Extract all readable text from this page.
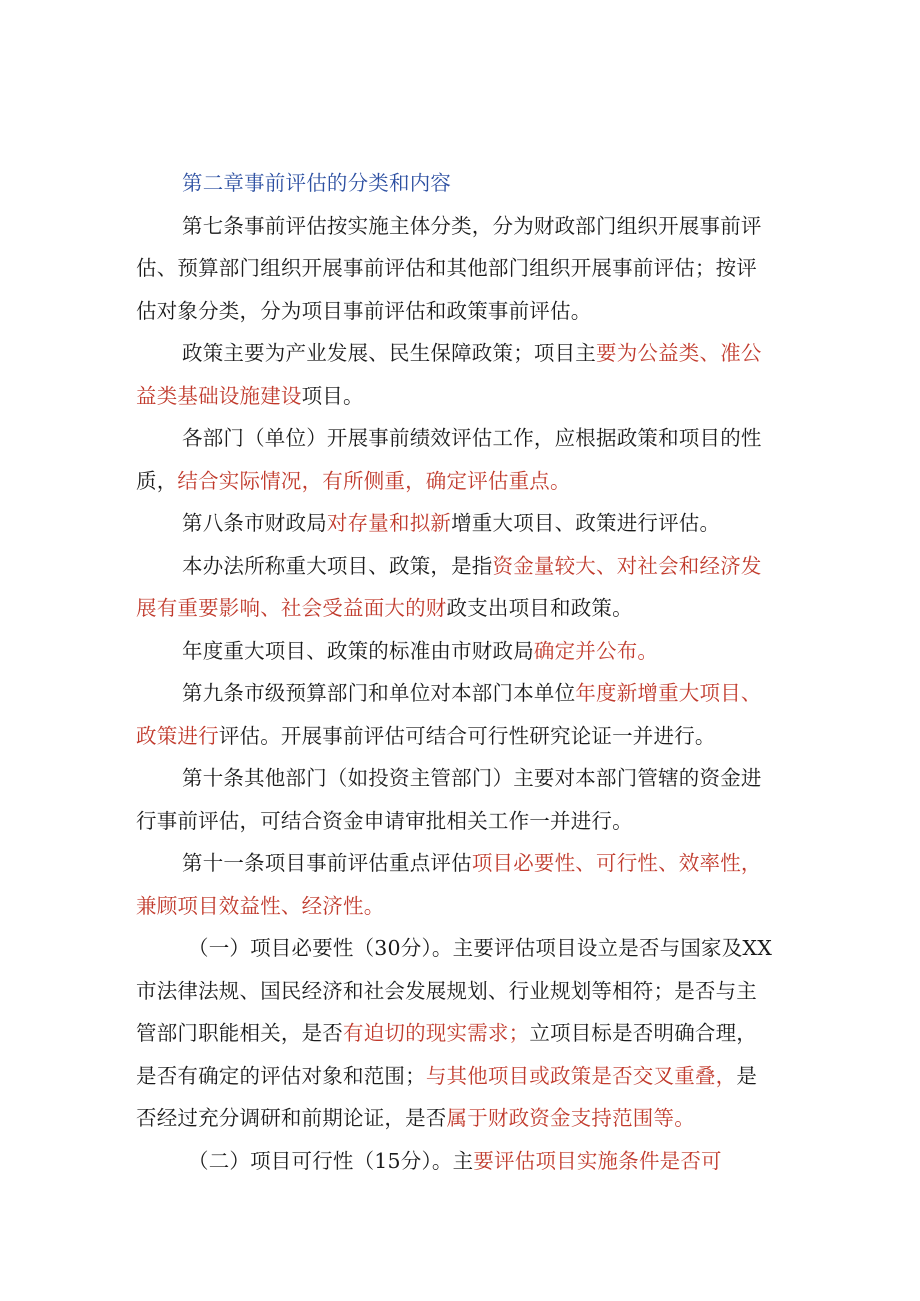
第二章事前评估的分类和内容
第七条事前评估按实施主体分类，分为财政部门组织开展事前评
估、预算部门组织开展事前评估和其他部门组织开展事前评估；按评
估对象分类，分为项目事前评估和政策事前评估。
政策主要为产业发展、民生保障政策；项目主要为公益类、准公
益类基础设施建设项目。
各部门（单位）开展事前绩效评估工作，应根据政策和项目的性
质，结合实际情况，有所侧重，确定评估重点。
第八条市财政局对存量和拟新增重大项目、政策进行评估。
本办法所称重大项目、政策，是指资金量较大、对社会和经济发
展有重要影响、社会受益面大的财政支出项目和政策。
年度重大项目、政策的标准由市财政局确定并公布。
第九条市级预算部门和单位对本部门本单位年度新增重大项目、
政策进行评估。开展事前评估可结合可行性研究论证一并进行。
第十条其他部门（如投资主管部门）主要对本部门管辖的资金进
行事前评估，可结合资金申请审批相关工作一并进行。
第十一条项目事前评估重点评估项目必要性、可行性、效率性，
兼顾项目效益性、经济性。
（一）项目必要性（30分）。主要评估项目设立是否与国家及XX
市法律法规、国民经济和社会发展规划、行业规划等相符；是否与主
管部门职能相关，是否有迫切的现实需求；立项目标是否明确合理，
是否有确定的评估对象和范围；与其他项目或政策是否交叉重叠，是
否经过充分调研和前期论证，是否属于财政资金支持范围等。
（二）项目可行性（15分）。主要评估项目实施条件是否可
